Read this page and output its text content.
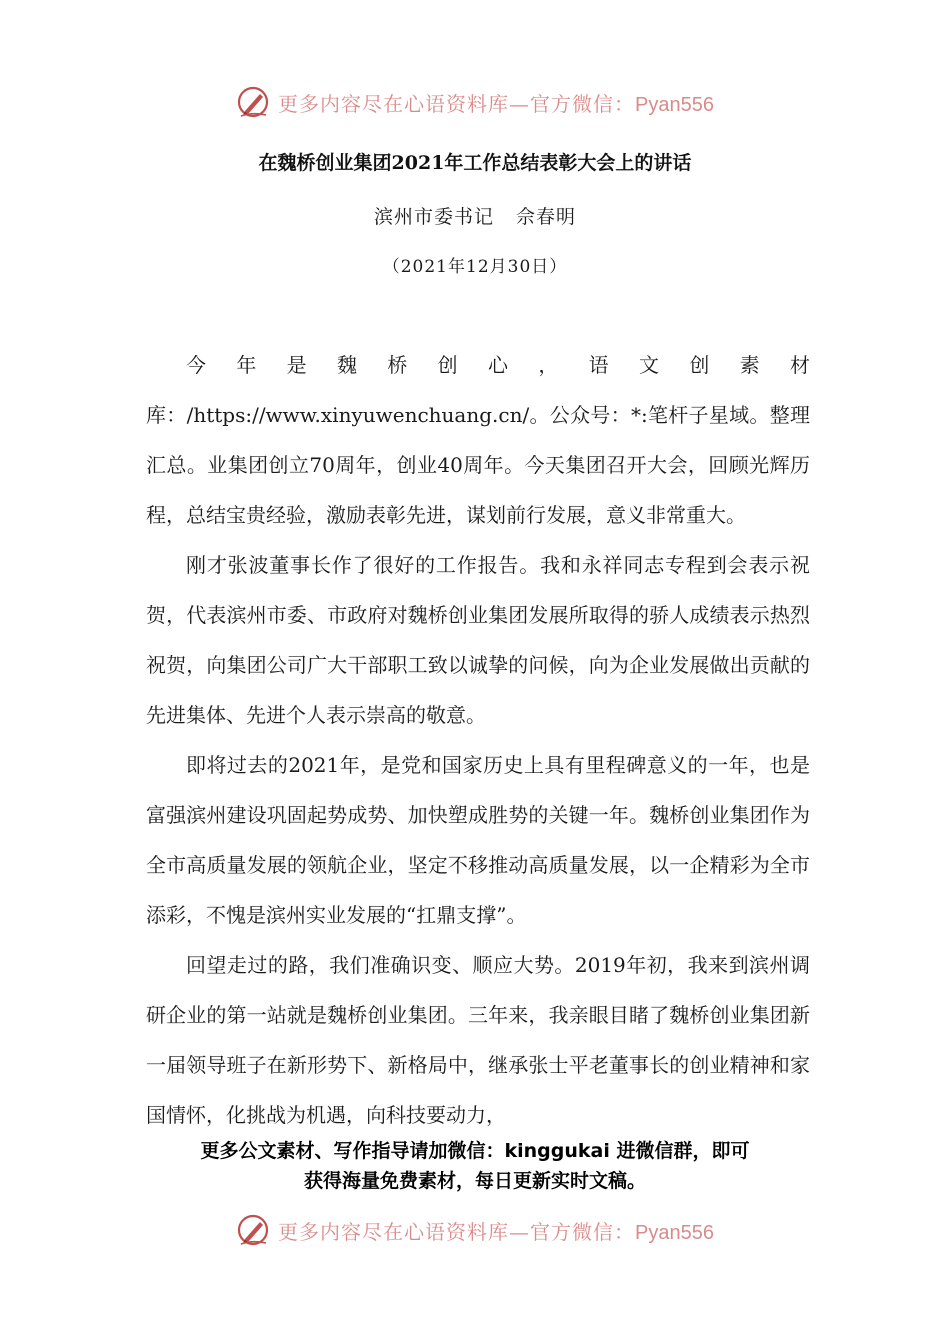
更多内容尽在心语资料库—官方微信：Pyan556
在魏桥创业集团2021年工作总结表彰大会上的讲话
滨州市委书记 佘春明
（2021年12月30日）

今年是魏桥创心，语文创素材库：/https://www.xinyuwenchuang.cn/。公众号：*:笔杆子星域。整理汇总。业集团创立70周年，创业40周年。今天集团召开大会，回顾光辉历程，总结宝贵经验，激励表彰先进，谋划前行发展，意义非常重大。

刚才张波董事长作了很好的工作报告。我和永祥同志专程到会表示祝贺，代表滨州市委、市政府对魏桥创业集团发展所取得的骄人成绩表示热烈祝贺，向集团公司广大干部职工致以诚挚的问候，向为企业发展做出贡献的先进集体、先进个人表示崇高的敬意。

即将过去的2021年，是党和国家历史上具有里程碑意义的一年，也是富强滨州建设巩固起势成势、加快塑成胜势的关键一年。魏桥创业集团作为全市高质量发展的领航企业，坚定不移推动高质量发展，以一企精彩为全市添彩，不愧是滨州实业发展的“扛鼎支撑”。

回望走过的路，我们准确识变、顺应大势。2019年初，我来到滨州调研企业的第一站就是魏桥创业集团。三年来，我亲眼目睹了魏桥创业集团新一届领导班子在新形势下、新格局中，继承张士平老董事长的创业精神和家国情怀，化挑战为机遇，向科技要动力，

更多公文素材、写作指导请加微信：kinggukai 进微信群，即可
获得海量免费素材，每日更新实时文稿。
更多内容尽在心语资料库—官方微信：Pyan556
